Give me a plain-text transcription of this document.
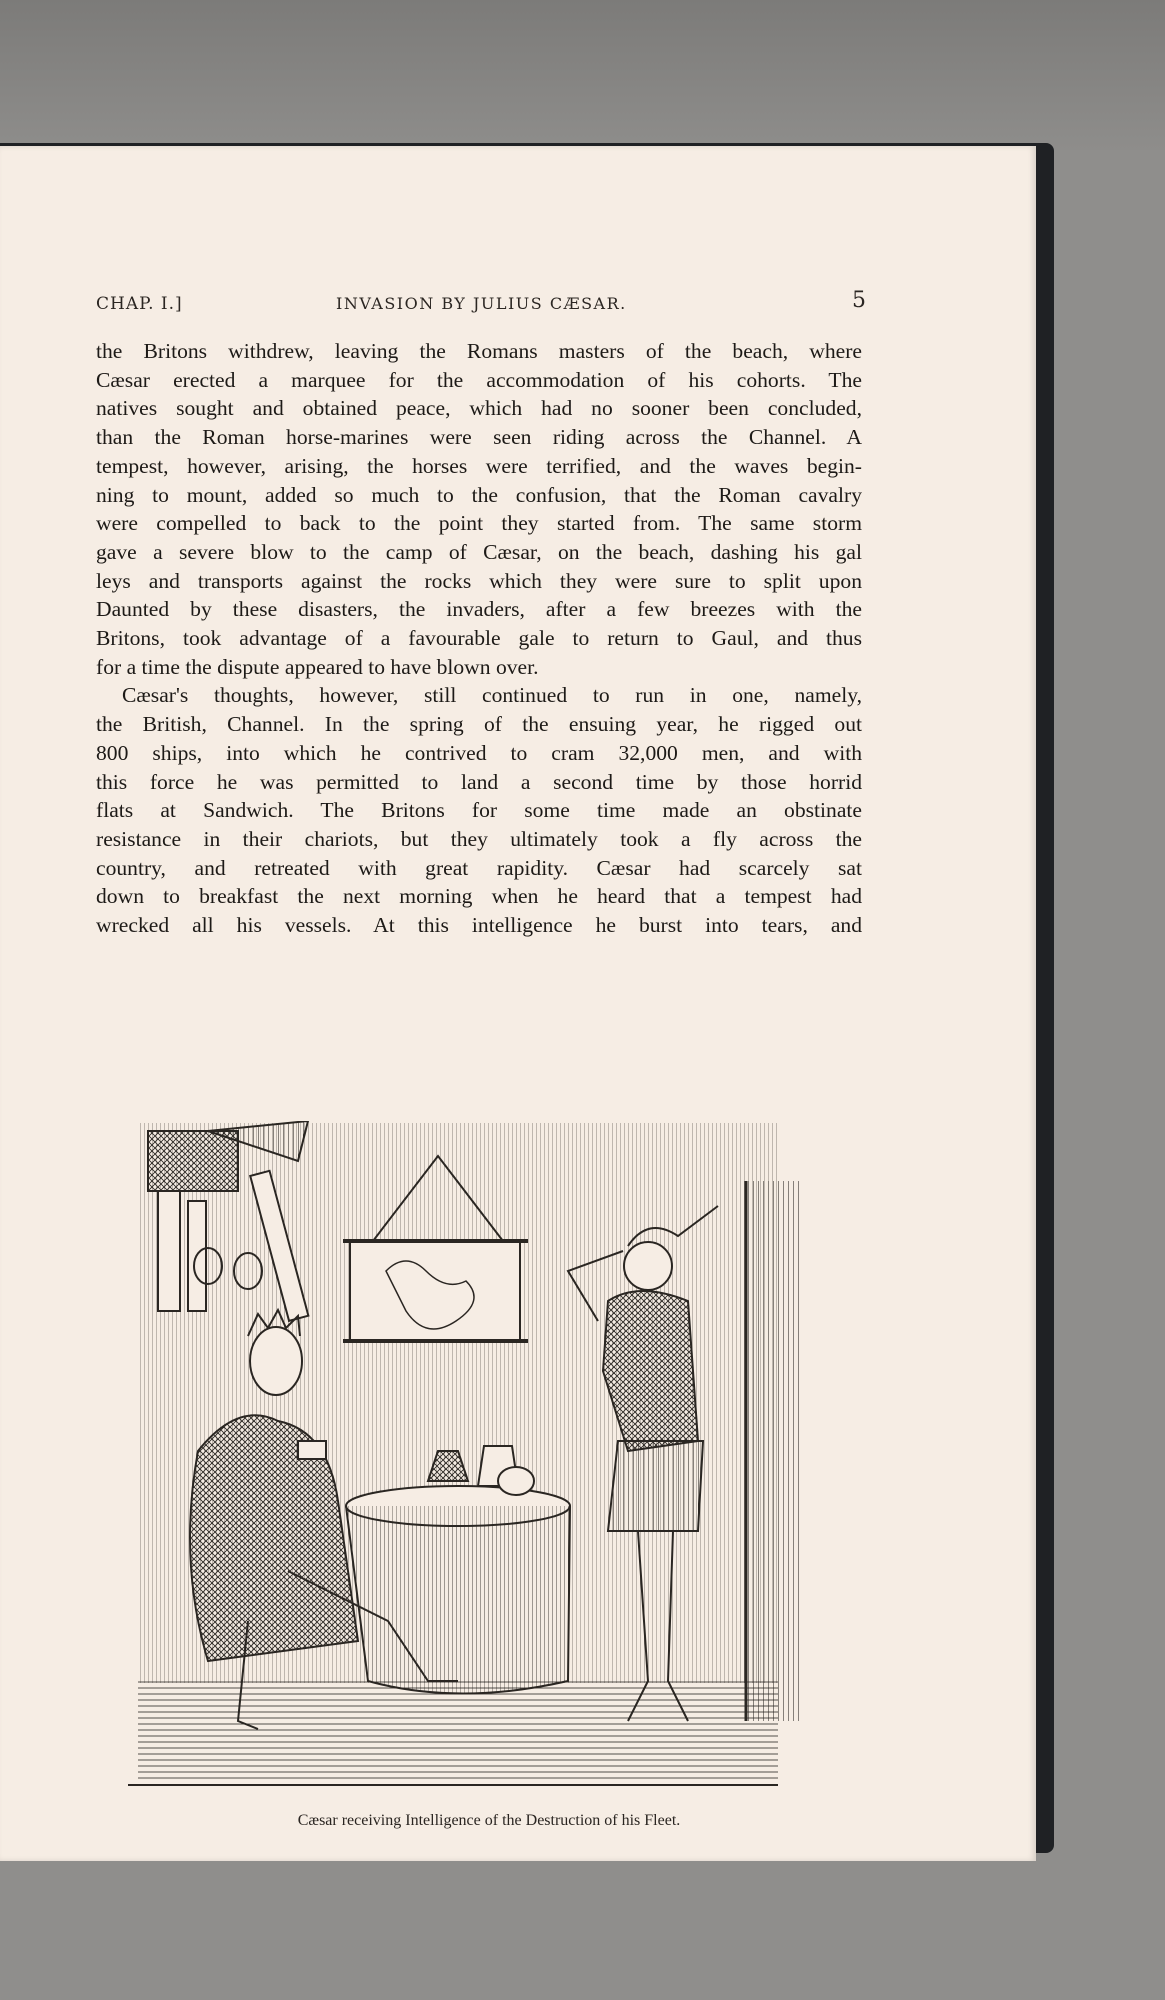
CHAP. I.]	INVASION BY JULIUS CÆSAR.	5
the Britons withdrew, leaving the Romans masters of the beach, where
Cæsar erected a marquee for the accommodation of his cohorts. The
natives sought and obtained peace, which had no sooner been concluded,
than the Roman horse-marines were seen riding across the Channel. A
tempest, however, arising, the horses were terrified, and the waves begin-
ning to mount, added so much to the confusion, that the Roman cavalry
were compelled to back to the point they started from. The same storm
gave a severe blow to the camp of Cæsar, on the beach, dashing his gal
leys and transports against the rocks which they were sure to split upon
Daunted by these disasters, the invaders, after a few breezes with the
Britons, took advantage of a favourable gale to return to Gaul, and thus
for a time the dispute appeared to have blown over.
Cæsar's thoughts, however, still continued to run in one, namely,
the British, Channel. In the spring of the ensuing year, he rigged out
800 ships, into which he contrived to cram 32,000 men, and with
this force he was permitted to land a second time by those horrid
flats at Sandwich. The Britons for some time made an obstinate
resistance in their chariots, but they ultimately took a fly across the
country, and retreated with great rapidity. Cæsar had scarcely sat
down to breakfast the next morning when he heard that a tempest had
wrecked all his vessels. At this intelligence he burst into tears, and
Cæsar receiving Intelligence of the Destruction of his Fleet.
